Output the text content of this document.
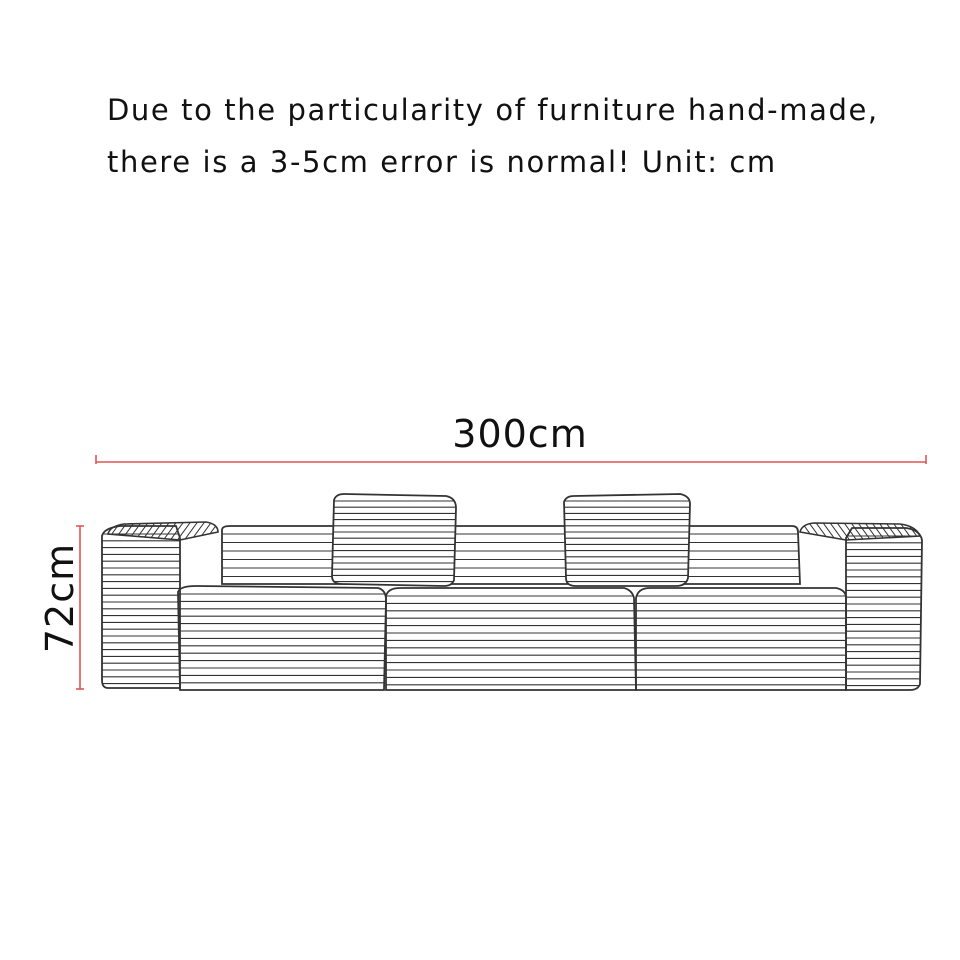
Due to the particularity of furniture hand-made,
there is a 3-5cm error is normal! Unit: cm
300cm
72cm
